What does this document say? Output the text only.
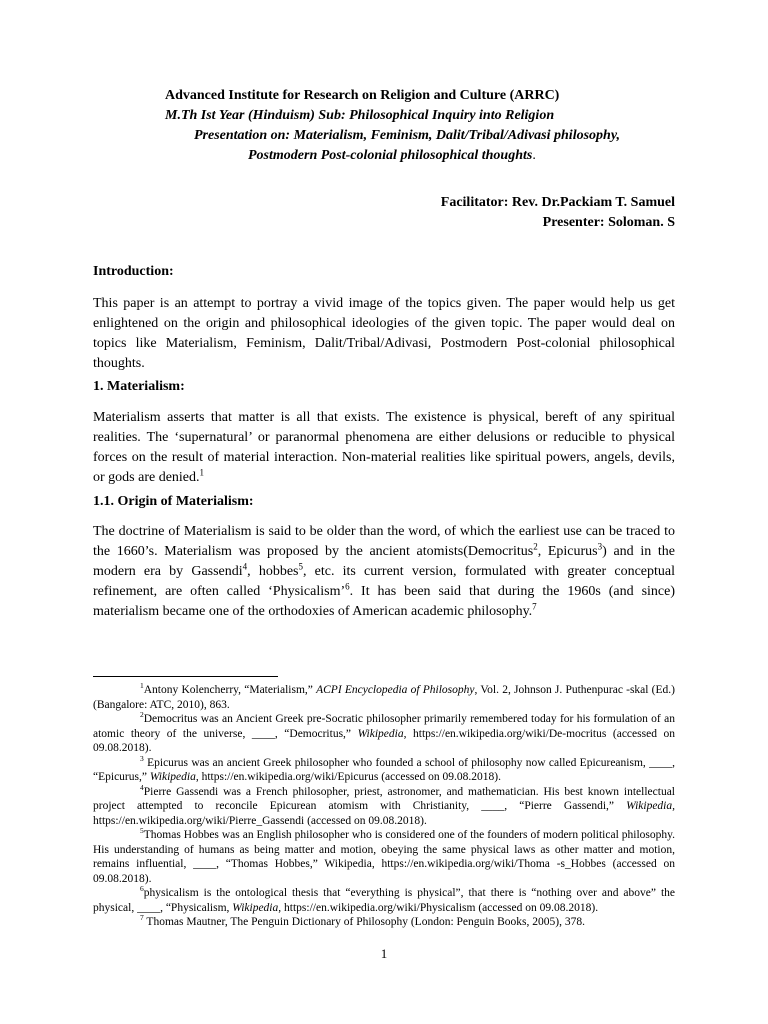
Advanced Institute for Research on Religion and Culture (ARRC)
M.Th Ist Year (Hinduism) Sub: Philosophical Inquiry into Religion
Presentation on: Materialism, Feminism, Dalit/Tribal/Adivasi philosophy,
Postmodern Post-colonial philosophical thoughts.
Facilitator: Rev. Dr.Packiam T. Samuel
Presenter: Soloman. S
Introduction:
This paper is an attempt to portray a vivid image of the topics given. The paper would help us get enlightened on the origin and philosophical ideologies of the given topic. The paper would deal on topics like Materialism, Feminism, Dalit/Tribal/Adivasi, Postmodern Post-colonial philosophical thoughts.
1. Materialism:
Materialism asserts that matter is all that exists. The existence is physical, bereft of any spiritual realities. The ‘supernatural’ or paranormal phenomena are either delusions or reducible to physical forces on the result of material interaction. Non-material realities like spiritual powers, angels, devils, or gods are denied.$^1$
1.1. Origin of Materialism:
The doctrine of Materialism is said to be older than the word, of which the earliest use can be traced to the 1660’s. Materialism was proposed by the ancient atomists(Democritus$^2$, Epicurus$^3$) and in the modern era by Gassendi$^4$, hobbes$^5$, etc. its current version, formulated with greater conceptual refinement, are often called ‘Physicalism’$^6$. It has been said that during the 1960s (and since) materialism became one of the orthodoxies of American academic philosophy.$^7$

$^1$Antony Kolencherry, “Materialism,” ACPI Encyclopedia of Philosophy, Vol. 2, Johnson J. Puthenpurac -skal (Ed.) (Bangalore: ATC, 2010), 863.

$^2$Democritus was an Ancient Greek pre-Socratic philosopher primarily remembered today for his formulation of an atomic theory of the universe, ____, “Democritus,” Wikipedia, https://en.wikipedia.org/wiki/De-mocritus (accessed on 09.08.2018).

$^3$ Epicurus was an ancient Greek philosopher who founded a school of philosophy now called Epicureanism, ____, “Epicurus,” Wikipedia, https://en.wikipedia.org/wiki/Epicurus (accessed on 09.08.2018).

$^4$Pierre Gassendi was a French philosopher, priest, astronomer, and mathematician. His best known intellectual project attempted to reconcile Epicurean atomism with Christianity, ____, “Pierre Gassendi,” Wikipedia, https://en.wikipedia.org/wiki/Pierre_Gassendi (accessed on 09.08.2018).

$^5$Thomas Hobbes was an English philosopher who is considered one of the founders of modern political philosophy. His understanding of humans as being matter and motion, obeying the same physical laws as other matter and motion, remains influential, ____, “Thomas Hobbes,” Wikipedia, https://en.wikipedia.org/wiki/Thoma -s_Hobbes (accessed on 09.08.2018).

$^6$physicalism is the ontological thesis that “everything is physical”, that there is “nothing over and above” the physical, ____, “Physicalism, Wikipedia, https://en.wikipedia.org/wiki/Physicalism (accessed on 09.08.2018).

$^7$ Thomas Mautner, The Penguin Dictionary of Philosophy (London: Penguin Books, 2005), 378.

1
